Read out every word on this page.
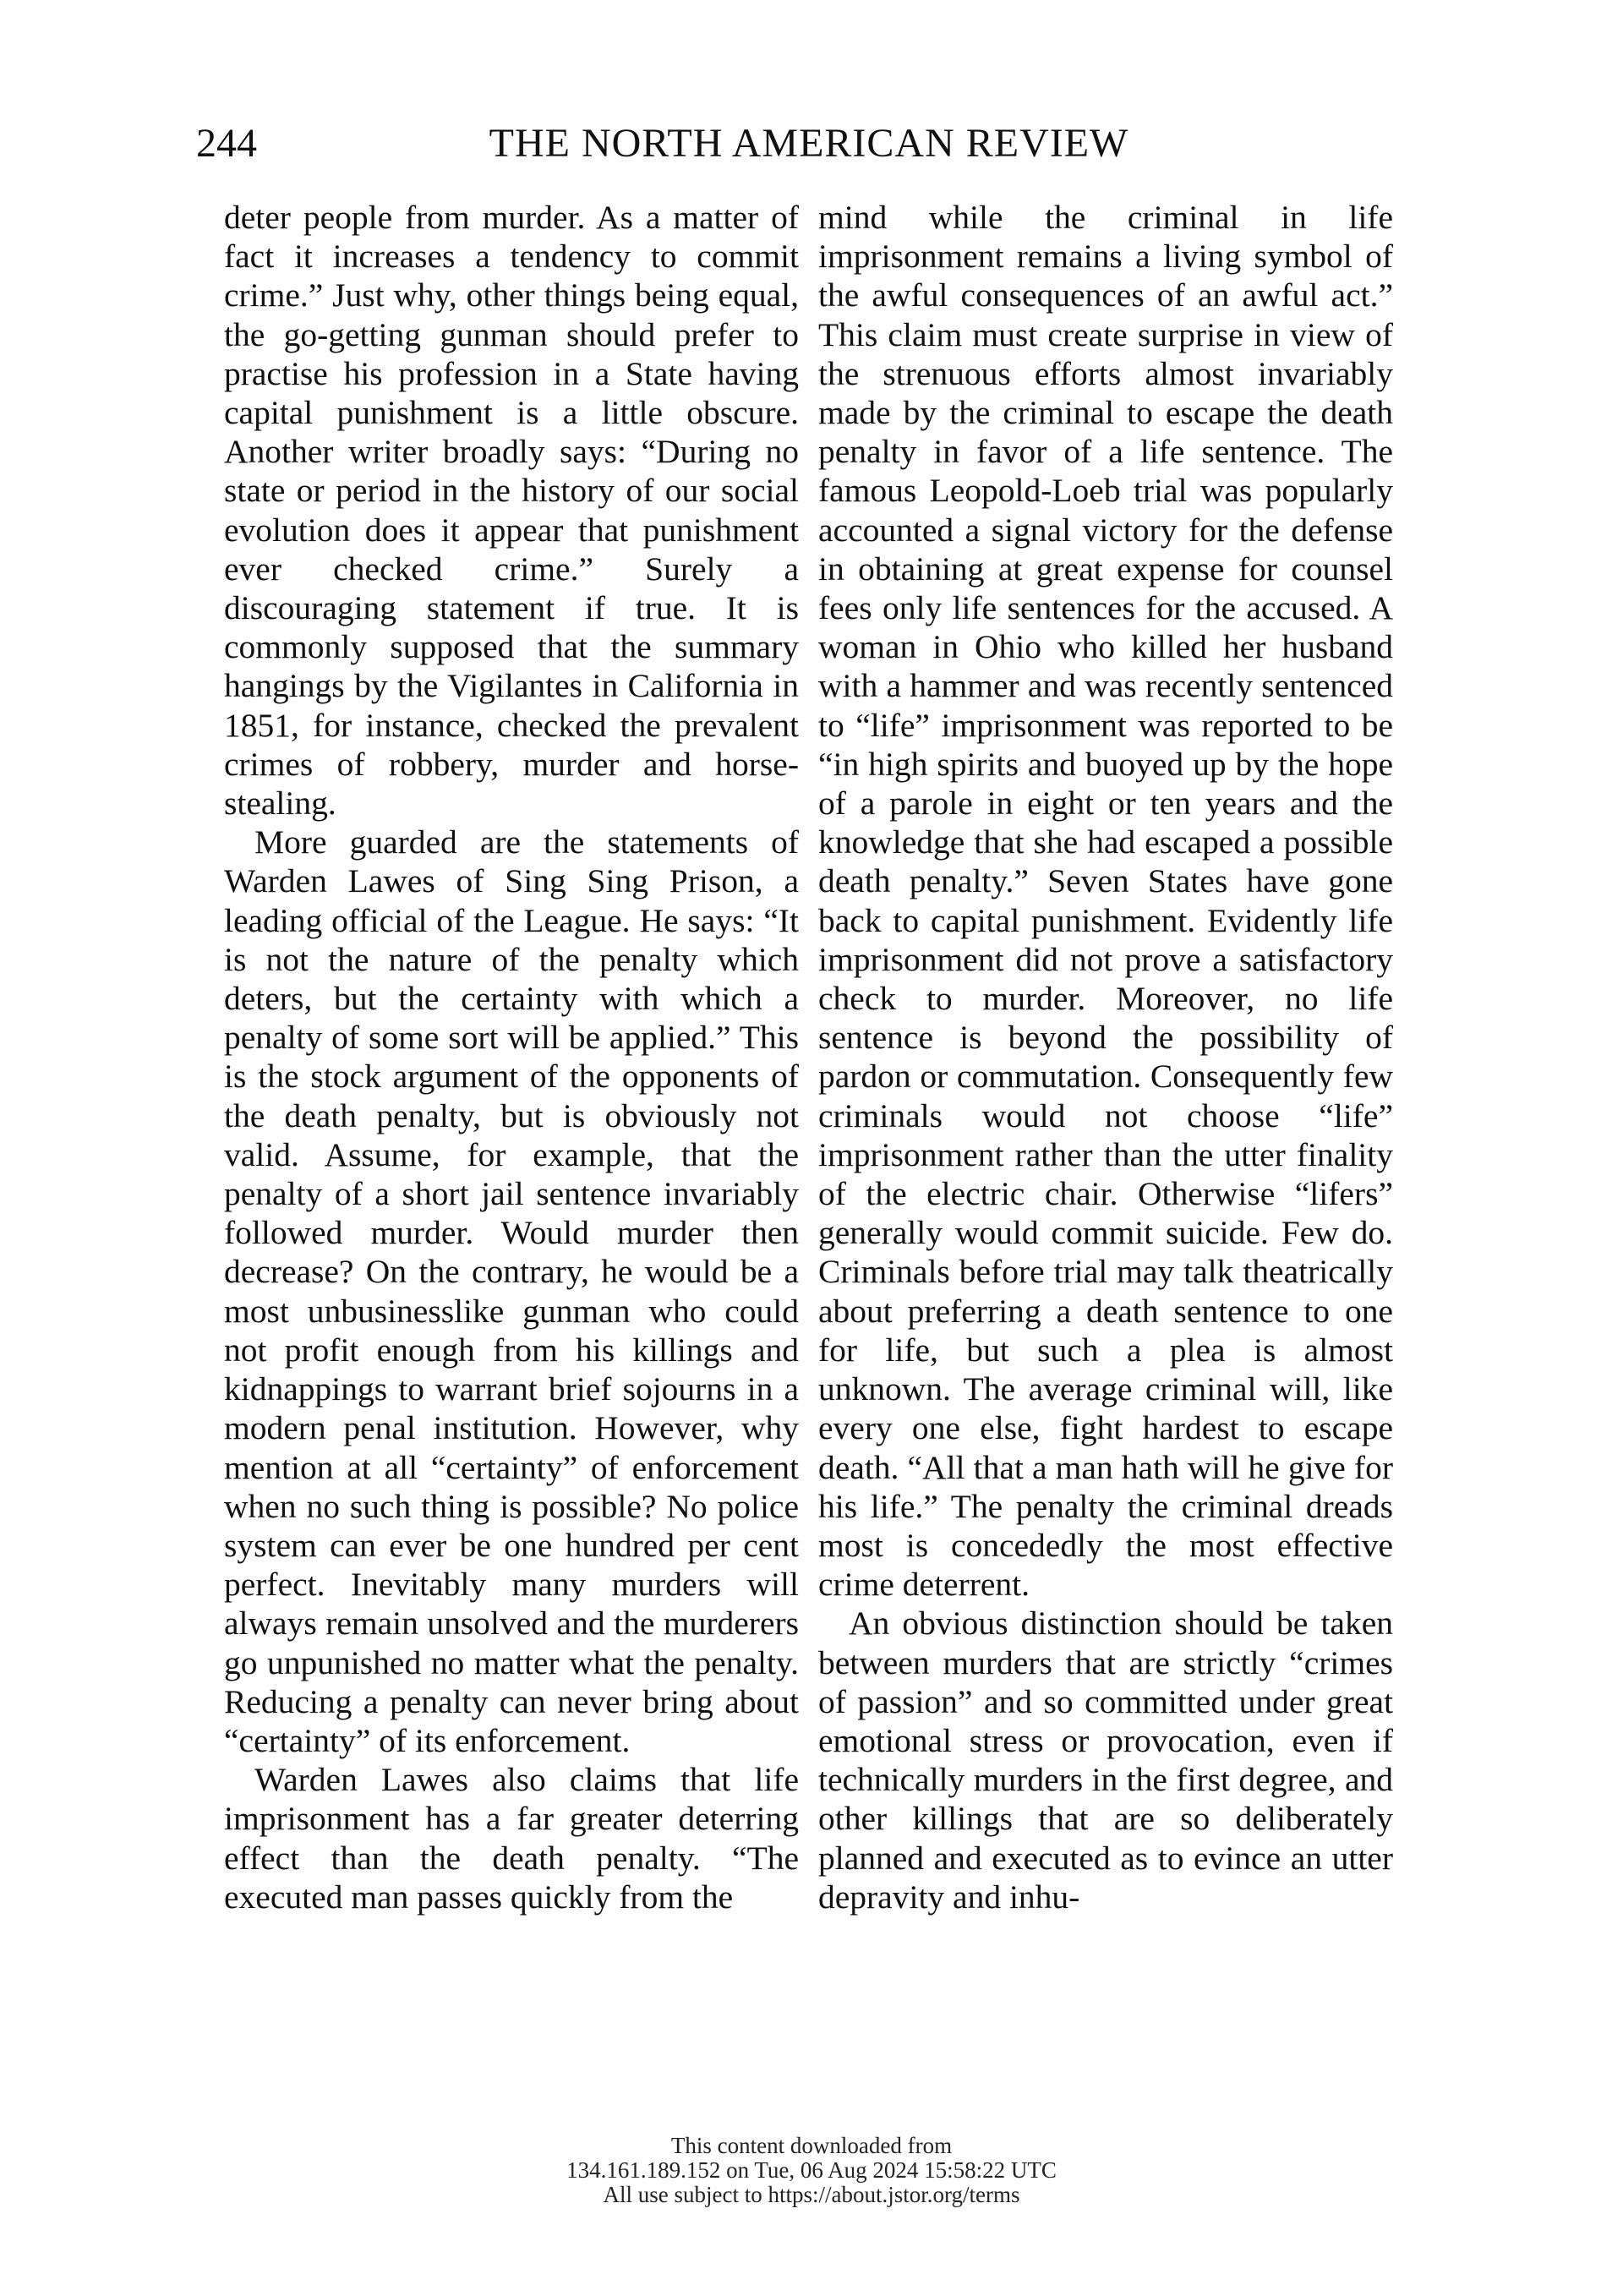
244	THE NORTH AMERICAN REVIEW

deter people from murder. As a matter of fact it increases a tendency to commit crime.” Just why, other things being equal, the go-getting gunman should prefer to practise his profession in a State having capital punishment is a little obscure. Another writer broadly says: “During no state or period in the history of our social evolution does it appear that punishment ever checked crime.” Surely a discouraging statement if true. It is commonly supposed that the summary hangings by the Vigilantes in California in 1851, for instance, checked the prevalent crimes of robbery, murder and horse-stealing.

More guarded are the statements of Warden Lawes of Sing Sing Prison, a leading official of the League. He says: “It is not the nature of the penalty which deters, but the certainty with which a penalty of some sort will be applied.” This is the stock argument of the opponents of the death penalty, but is obviously not valid. Assume, for example, that the penalty of a short jail sentence invariably followed murder. Would murder then decrease? On the contrary, he would be a most unbusinesslike gunman who could not profit enough from his killings and kidnappings to warrant brief sojourns in a modern penal institution. However, why mention at all “certainty” of enforcement when no such thing is possible? No police system can ever be one hundred per cent perfect. Inevitably many murders will always remain unsolved and the murderers go unpunished no matter what the penalty. Reducing a penalty can never bring about “certainty” of its enforcement.

Warden Lawes also claims that life imprisonment has a far greater deterring effect than the death penalty. “The executed man passes quickly from the

mind while the criminal in life imprisonment remains a living symbol of the awful consequences of an awful act.” This claim must create surprise in view of the strenuous efforts almost invariably made by the criminal to escape the death penalty in favor of a life sentence. The famous Leopold-Loeb trial was popularly accounted a signal victory for the defense in obtaining at great expense for counsel fees only life sentences for the accused. A woman in Ohio who killed her husband with a hammer and was recently sentenced to “life” imprisonment was reported to be “in high spirits and buoyed up by the hope of a parole in eight or ten years and the knowledge that she had escaped a possible death penalty.” Seven States have gone back to capital punishment. Evidently life imprisonment did not prove a satisfactory check to murder. Moreover, no life sentence is beyond the possibility of pardon or commutation. Consequently few criminals would not choose “life” imprisonment rather than the utter finality of the electric chair. Otherwise “lifers” generally would commit suicide. Few do. Criminals before trial may talk theatrically about preferring a death sentence to one for life, but such a plea is almost unknown. The average criminal will, like every one else, fight hardest to escape death. “All that a man hath will he give for his life.” The penalty the criminal dreads most is concededly the most effective crime deterrent.

An obvious distinction should be taken between murders that are strictly “crimes of passion” and so committed under great emotional stress or provocation, even if technically murders in the first degree, and other killings that are so deliberately planned and executed as to evince an utter depravity and inhu-

This content downloaded from
134.161.189.152 on Tue, 06 Aug 2024 15:58:22 UTC
All use subject to https://about.jstor.org/terms
